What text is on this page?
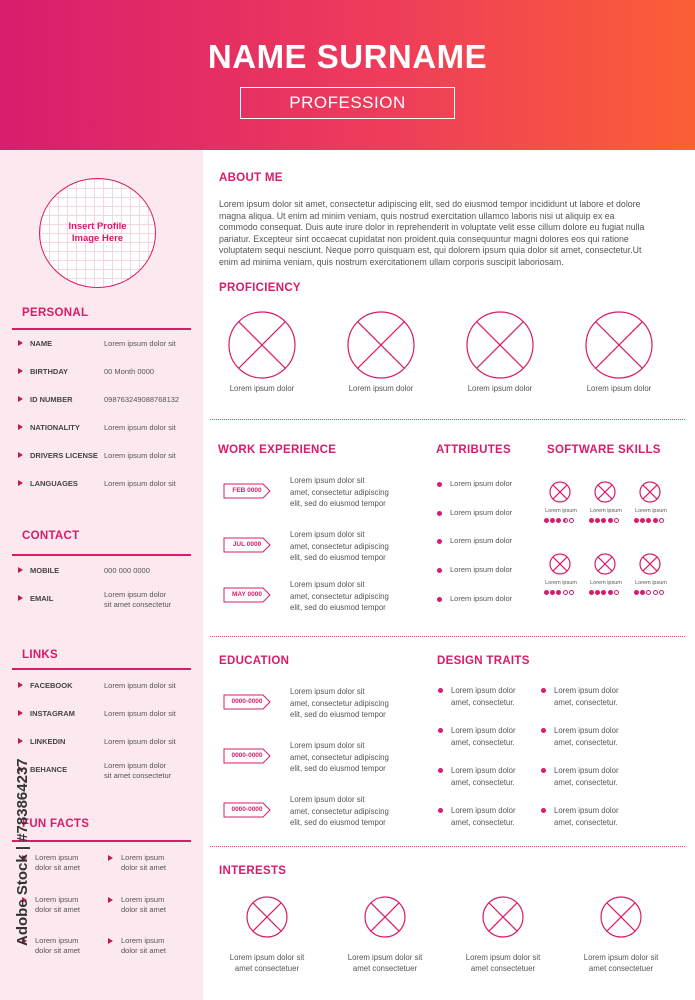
NAME SURNAME
PROFESSION
Insert Profile
Image Here
PERSONAL
NAME	Lorem ipsum dolor sit
BIRTHDAY	00 Month 0000
ID NUMBER	098763249088768132
NATIONALITY	Lorem ipsum dolor sit
DRIVERS LICENSE Lorem ipsum dolor sit
LANGUAGES	Lorem ipsum dolor sit
CONTACT
MOBILE	000 000 0000
EMAIL	Lorem ipsum dolor
sit amet consectetur
LINKS
FACEBOOK	Lorem ipsum dolor sit
INSTAGRAM	Lorem ipsum dolor sit
LINKEDIN	Lorem ipsum dolor sit
BEHANCE	Lorem ipsum dolor
sit amet consectetur
FUN FACTS
Lorem ipsum
dolor sit amet
Lorem ipsum
dolor sit amet
Lorem ipsum
dolor sit amet
Lorem ipsum
dolor sit amet
Lorem ipsum
dolor sit amet
Lorem ipsum
dolor sit amet
Adobe Stock | #783864237
ABOUT ME
Lorem ipsum dolor sit amet, consectetur adipiscing elit, sed do eiusmod tempor incididunt ut labore et dolore
magna aliqua. Ut enim ad minim veniam, quis nostrud exercitation ullamco laboris nisi ut aliquip ex ea
commodo consequat. Duis aute irure dolor in reprehenderit in voluptate velit esse cillum dolore eu fugiat nulla
pariatur. Excepteur sint occaecat cupidatat non proident.quia consequuntur magni dolores eos qui ratione
voluptatem sequi nesciunt. Neque porro quisquam est, qui dolorem ipsum quia dolor sit amet, consectetur.Ut
enim ad minima veniam, quis nostrum exercitationem ullam corporis suscipit laboriosam.
PROFICIENCY
Lorem ipsum dolor	Lorem ipsum dolor	Lorem ipsum dolor	Lorem ipsum dolor
WORK EXPERIENCE
FEB 0000
Lorem ipsum dolor sit
amet, consectetur adipiscing
elit, sed do eiusmod tempor
JUL 0000
Lorem ipsum dolor sit
amet, consectetur adipiscing
elit, sed do eiusmod tempor
MAY 0000
Lorem ipsum dolor sit
amet, consectetur adipiscing
elit, sed do eiusmod tempor
ATTRIBUTES
Lorem ipsum dolor
Lorem ipsum dolor
Lorem ipsum dolor
Lorem ipsum dolor
Lorem ipsum dolor
SOFTWARE SKILLS
Lorem ipsum Lorem ipsum Lorem ipsum
Lorem ipsum Lorem ipsum Lorem ipsum
EDUCATION
0000-0000
Lorem ipsum dolor sit
amet, consectetur adipiscing
elit, sed do eiusmod tempor
0000-0000
Lorem ipsum dolor sit
amet, consectetur adipiscing
elit, sed do eiusmod tempor
0000-0000
Lorem ipsum dolor sit
amet, consectetur adipiscing
elit, sed do eiusmod tempor
DESIGN TRAITS
Lorem ipsum dolor
amet, consectetur.
Lorem ipsum dolor
amet, consectetur.
Lorem ipsum dolor
amet, consectetur.
Lorem ipsum dolor
amet, consectetur.
Lorem ipsum dolor
amet, consectetur.
Lorem ipsum dolor
amet, consectetur.
Lorem ipsum dolor
amet, consectetur.
Lorem ipsum dolor
amet, consectetur.
INTERESTS
Lorem ipsum dolor sit
amet consectetuer
Lorem ipsum dolor sit
amet consectetuer
Lorem ipsum dolor sit
amet consectetuer
Lorem ipsum dolor sit
amet consectetuer
